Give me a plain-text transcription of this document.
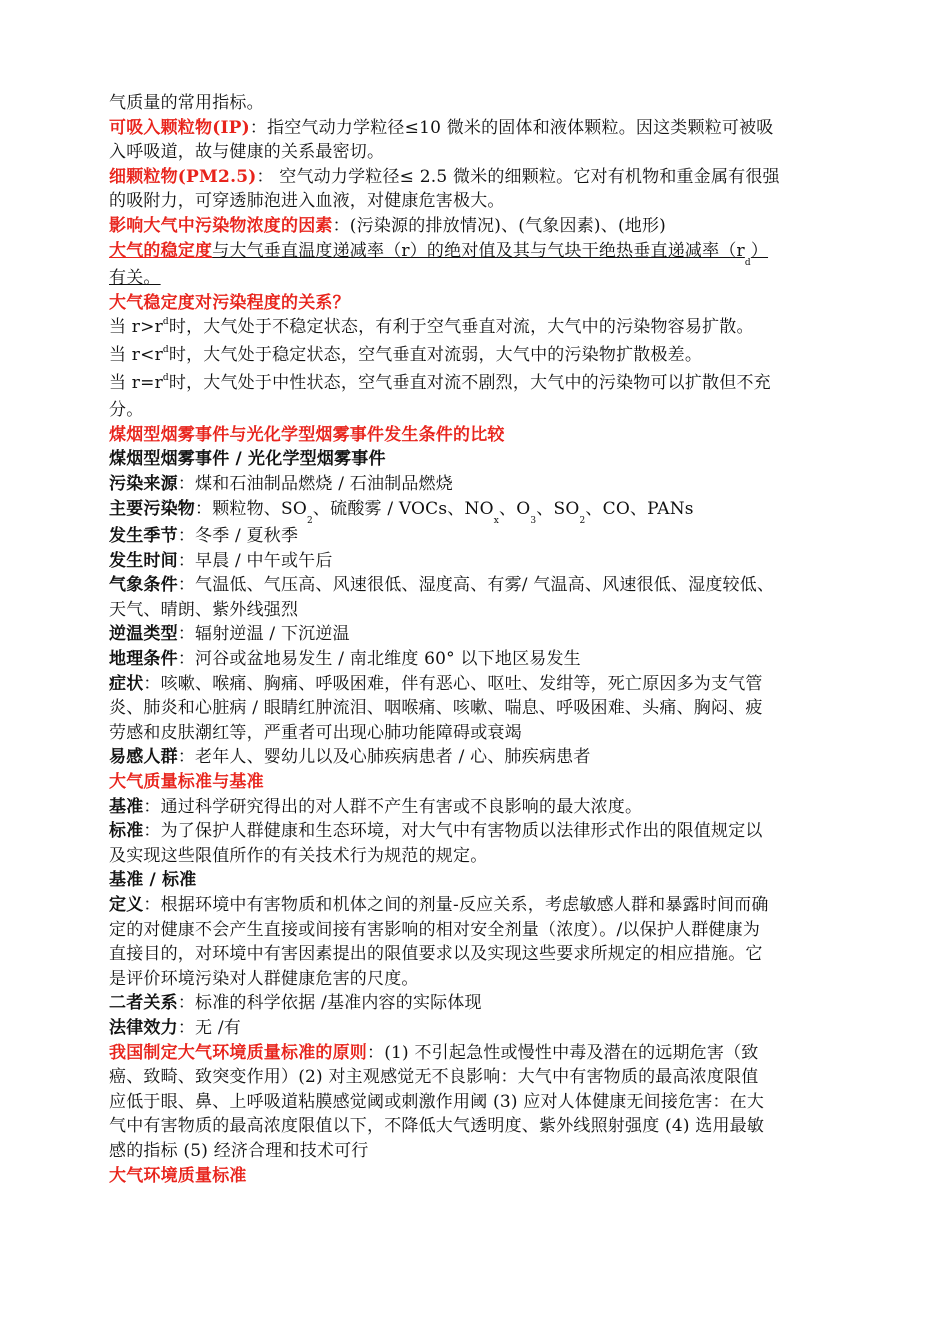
气质量的常用指标。
可吸入颗粒物(IP)：指空气动力学粒径≤10 微米的固体和液体颗粒。因这类颗粒可被吸
入呼吸道，故与健康的关系最密切。
细颗粒物(PM2.5)： 空气动力学粒径≤ 2.5 微米的细颗粒。它对有机物和重金属有很强
的吸附力，可穿透肺泡进入血液，对健康危害极大。
影响大气中污染物浓度的因素：(污染源的排放情况)、(气象因素)、(地形)
大气的稳定度与大气垂直温度递减率（r）的绝对值及其与气块干绝热垂直递减率$(r_d)$
有关。
大气稳定度对污染程度的关系？
当 $r>r^d$时，大气处于不稳定状态，有利于空气垂直对流，大气中的污染物容易扩散。
当 $r<r^d$时，大气处于稳定状态，空气垂直对流弱，大气中的污染物扩散极差。
当 $r=r^d$时，大气处于中性状态，空气垂直对流不剧烈，大气中的污染物可以扩散但不充
分。
煤烟型烟雾事件与光化学型烟雾事件发生条件的比较
煤烟型烟雾事件 / 光化学型烟雾事件
污染来源：煤和石油制品燃烧 / 石油制品燃烧
主要污染物：颗粒物、$SO_2$、硫酸雾 / VOCs、$NO_x$、$O_3$、$SO_2$、CO、PANs
发生季节：冬季 / 夏秋季
发生时间：早晨 / 中午或午后
气象条件：气温低、气压高、风速很低、湿度高、有雾/ 气温高、风速很低、湿度较低、
天气、晴朗、紫外线强烈
逆温类型：辐射逆温 / 下沉逆温
地理条件：河谷或盆地易发生 / 南北维度 60° 以下地区易发生
症状：咳嗽、喉痛、胸痛、呼吸困难，伴有恶心、呕吐、发绀等，死亡原因多为支气管
炎、肺炎和心脏病 / 眼睛红肿流泪、咽喉痛、咳嗽、喘息、呼吸困难、头痛、胸闷、疲
劳感和皮肤潮红等，严重者可出现心肺功能障碍或衰竭
易感人群：老年人、婴幼儿以及心肺疾病患者 / 心、肺疾病患者
大气质量标准与基准
基准：通过科学研究得出的对人群不产生有害或不良影响的最大浓度。
标准：为了保护人群健康和生态环境，对大气中有害物质以法律形式作出的限值规定以
及实现这些限值所作的有关技术行为规范的规定。
基准 / 标准
定义：根据环境中有害物质和机体之间的剂量-反应关系，考虑敏感人群和暴露时间而确
定的对健康不会产生直接或间接有害影响的相对安全剂量（浓度）。/以保护人群健康为
直接目的，对环境中有害因素提出的限值要求以及实现这些要求所规定的相应措施。它
是评价环境污染对人群健康危害的尺度。
二者关系：标准的科学依据 /基准内容的实际体现
法律效力：无 /有
我国制定大气环境质量标准的原则：(1) 不引起急性或慢性中毒及潜在的远期危害（致
癌、致畸、致突变作用）(2) 对主观感觉无不良影响：大气中有害物质的最高浓度限值
应低于眼、鼻、上呼吸道粘膜感觉阈或刺激作用阈 (3) 应对人体健康无间接危害：在大
气中有害物质的最高浓度限值以下，不降低大气透明度、紫外线照射强度 (4) 选用最敏
感的指标 (5) 经济合理和技术可行
大气环境质量标准
